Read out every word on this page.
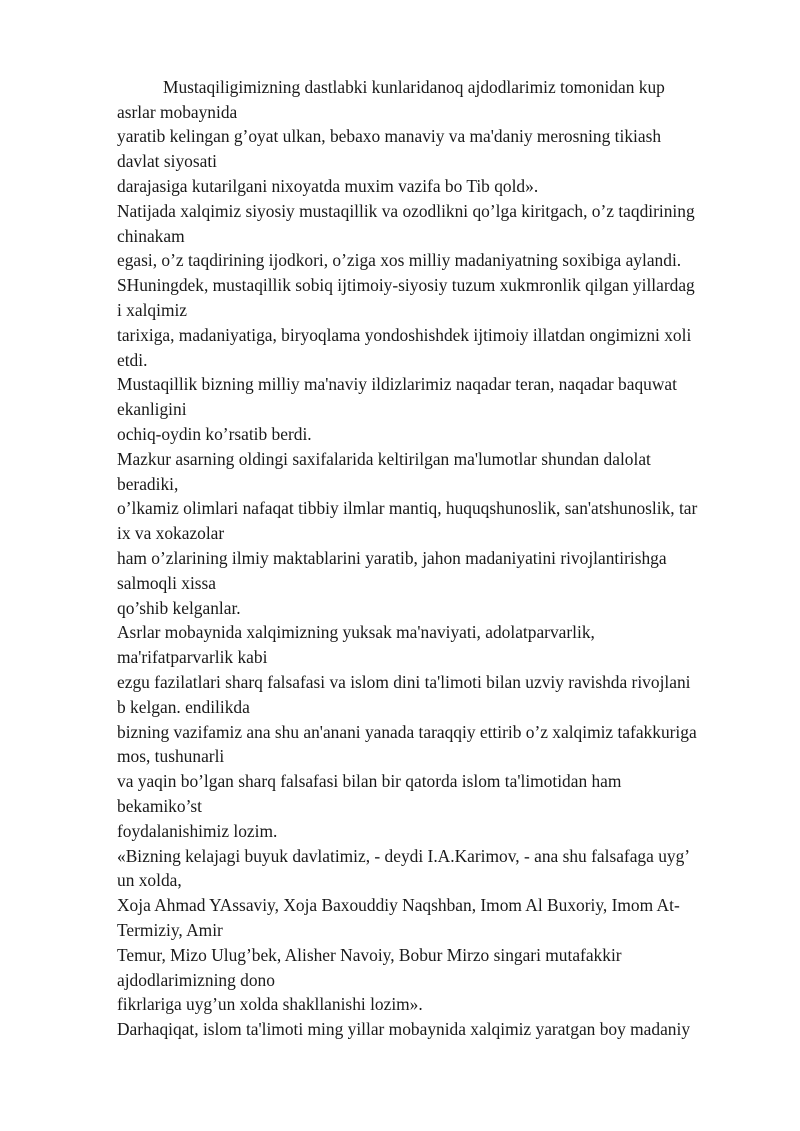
Mustaqiligimizning dastlabki kunlaridanoq ajdodlarimiz tomonidan kup
asrlar mobaynida
yaratib kelingan g’oyat ulkan, bebaxo manaviy va ma'daniy merosning tikiash
davlat siyosati
darajasiga kutarilgani nixoyatda muxim vazifa bo Tib qold».
Natijada xalqimiz siyosiy mustaqillik va ozodlikni qo’lga kiritgach, o’z taqdirining
chinakam
egasi, o’z taqdirining ijodkori, o’ziga xos milliy madaniyatning soxibiga aylandi.
SHuningdek, mustaqillik sobiq ijtimoiy-siyosiy tuzum xukmronlik qilgan yillardag
i xalqimiz
tarixiga, madaniyatiga, biryoqlama yondoshishdek ijtimoiy illatdan ongimizni xoli
etdi.
Mustaqillik bizning milliy ma'naviy ildizlarimiz naqadar teran, naqadar baquwat
ekanligini
ochiq-oydin ko’rsatib berdi.
Mazkur asarning oldingi saxifalarida keltirilgan ma'lumotlar shundan dalolat
beradiki,
o’lkamiz olimlari nafaqat tibbiy ilmlar mantiq, huquqshunoslik, san'atshunoslik, tar
ix va xokazolar
ham o’zlarining ilmiy maktablarini yaratib, jahon madaniyatini rivojlantirishga
salmoqli xissa
qo’shib kelganlar.
Asrlar mobaynida xalqimizning yuksak ma'naviyati, adolatparvarlik,
ma'rifatparvarlik kabi
ezgu fazilatlari sharq falsafasi va islom dini ta'limoti bilan uzviy ravishda rivojlani
b kelgan. endilikda
bizning vazifamiz ana shu an'anani yanada taraqqiy ettirib o’z xalqimiz tafakkuriga
mos, tushunarli
va yaqin bo’lgan sharq falsafasi bilan bir qatorda islom ta'limotidan ham
bekamiko’st
foydalanishimiz lozim.
«Bizning kelajagi buyuk davlatimiz, - deydi I.A.Karimov, - ana shu falsafaga uyg’
un xolda,
Xoja Ahmad YAssaviy, Xoja Baxouddiy Naqshban, Imom Al Buxoriy, Imom At-
Termiziy, Amir
Temur, Mizo Ulug’bek, Alisher Navoiy, Bobur Mirzo singari mutafakkir
ajdodlarimizning dono
fikrlariga uyg’un xolda shakllanishi lozim».
Darhaqiqat, islom ta'limoti ming yillar mobaynida xalqimiz yaratgan boy madaniy
